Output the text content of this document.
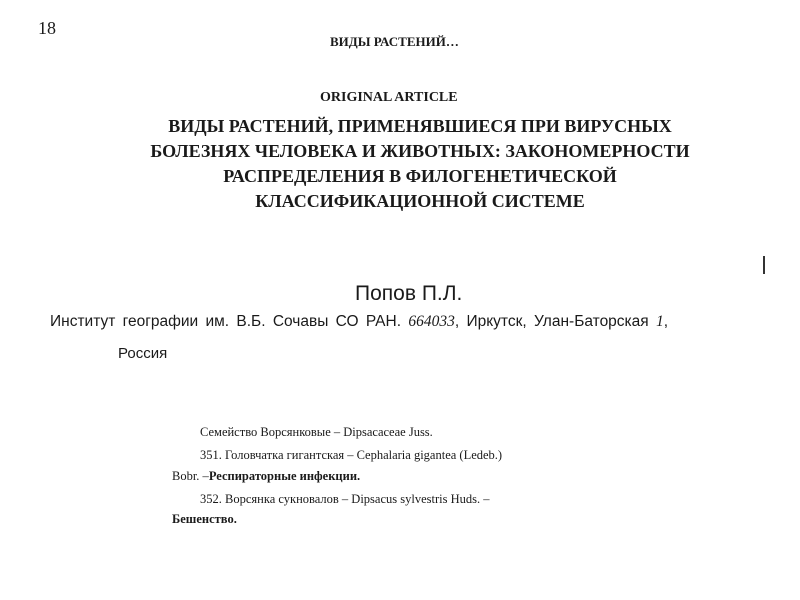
18
ВИДЫ РАСТЕНИЙ…
ORIGINAL ARTICLE
ВИДЫ РАСТЕНИЙ, ПРИМЕНЯВШИЕСЯ ПРИ ВИРУСНЫХ
БОЛЕЗНЯХ ЧЕЛОВЕКА И ЖИВОТНЫХ: ЗАКОНОМЕРНОСТИ
РАСПРЕДЕЛЕНИЯ В ФИЛОГЕНЕТИЧЕСКОЙ
КЛАССИФИКАЦИОННОЙ СИСТЕМЕ
Попов П.Л.
Институт географии им. В.Б. Сочавы СО РАН. 664033, Иркутск, Улан-Баторская 1,
Россия
Семейство Ворсянковые – Dipsacaceae Juss.
351. Головчатка гигантская – Cephalaria gigantea (Ledeb.)
Bobr. –Респираторные инфекции.
352. Ворсянка сукновалов – Dipsacus sylvestris Huds. –
Бешенство.
